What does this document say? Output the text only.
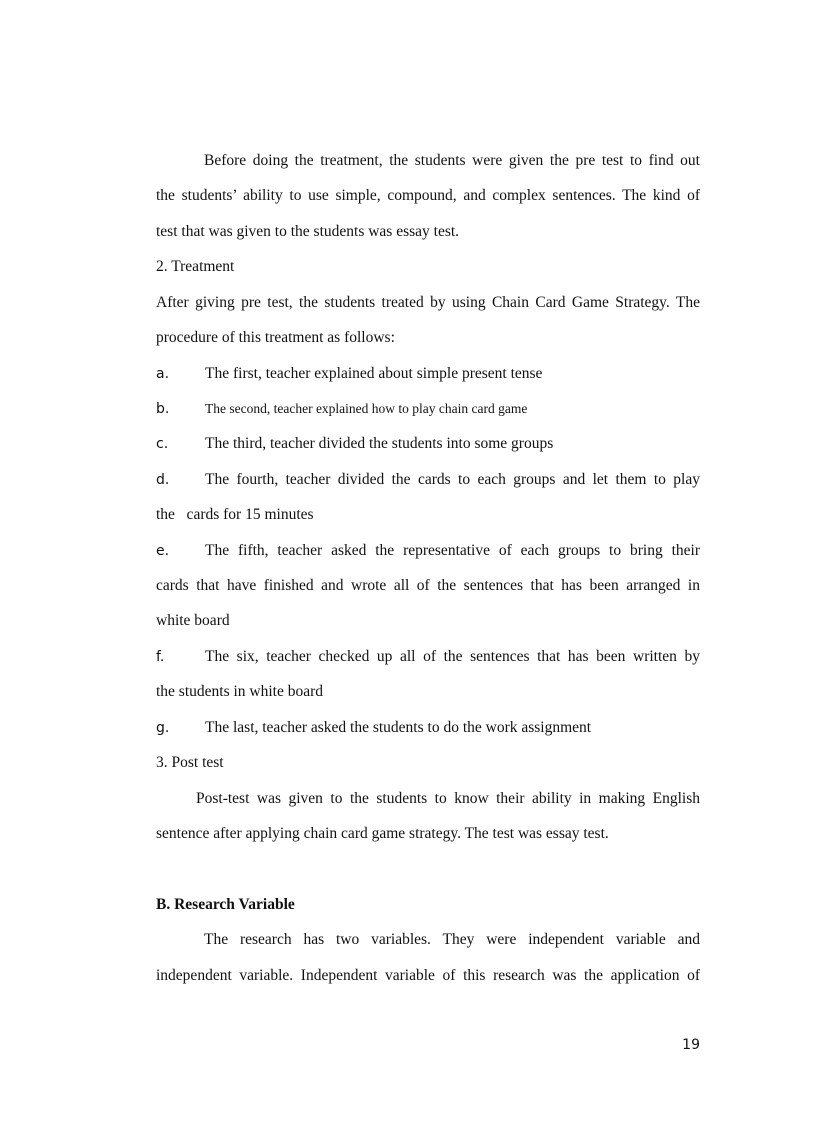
Before doing the treatment, the students were given the pre test to find out
the students’ ability to use simple, compound, and complex sentences. The kind of
test that was given to the students was essay test.
2. Treatment
After giving pre test, the students treated by using Chain Card Game Strategy. The
procedure of this treatment as follows:
a. The first, teacher explained about simple present tense
b.	The second, teacher explained how to play chain card game
c. The third, teacher divided the students into some groups
d. The fourth, teacher divided the cards to each groups and let them to play
the   cards for 15 minutes
e. The fifth, teacher asked the representative of each groups to bring their
cards that have finished and wrote all of the sentences that has been arranged in
white board
f.	The six, teacher checked up all of the sentences that has been written by
the students in white board
g. The last, teacher asked the students to do the work assignment
3. Post test
Post-test was given to the students to know their ability in making English
sentence after applying chain card game strategy. The test was essay test.
B. Research Variable
The research has two variables. They were independent variable and
independent variable. Independent variable of this research was the application of
19
